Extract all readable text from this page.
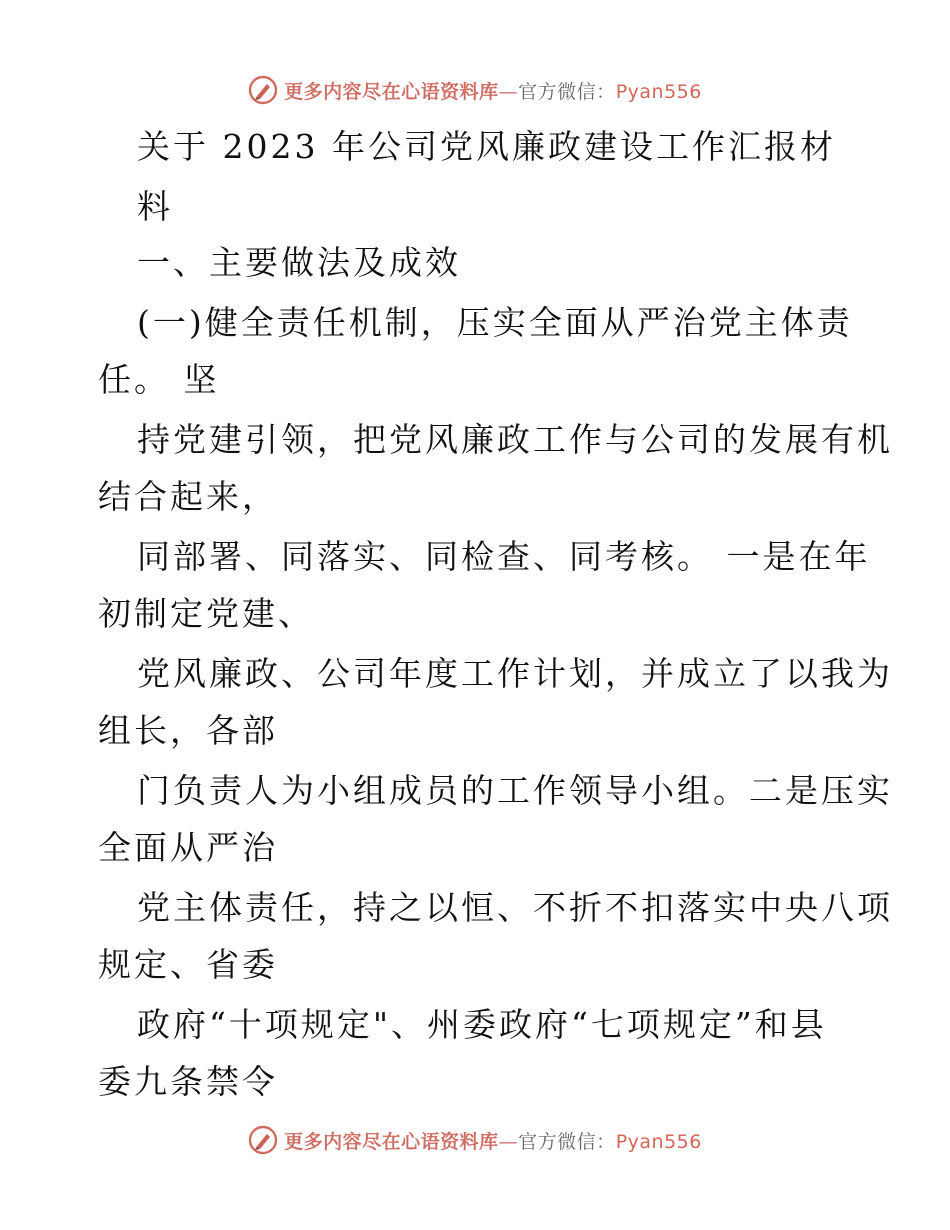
更多内容尽在心语资料库—官方微信：Pyan556
关于 2023 年公司党风廉政建设工作汇报材
料
一、主要做法及成效
(一)健全责任机制，压实全面从严治党主体责
任。 坚
持党建引领，把党风廉政工作与公司的发展有机
结合起来，
同部署、同落实、同检查、同考核。 一是在年
初制定党建、
党风廉政、公司年度工作计划，并成立了以我为
组长，各部
门负责人为小组成员的工作领导小组。二是压实
全面从严治
党主体责任，持之以恒、不折不扣落实中央八项
规定、省委
政府“十项规定"、州委政府“七项规定”和县
委九条禁令
更多内容尽在心语资料库—官方微信：Pyan556
